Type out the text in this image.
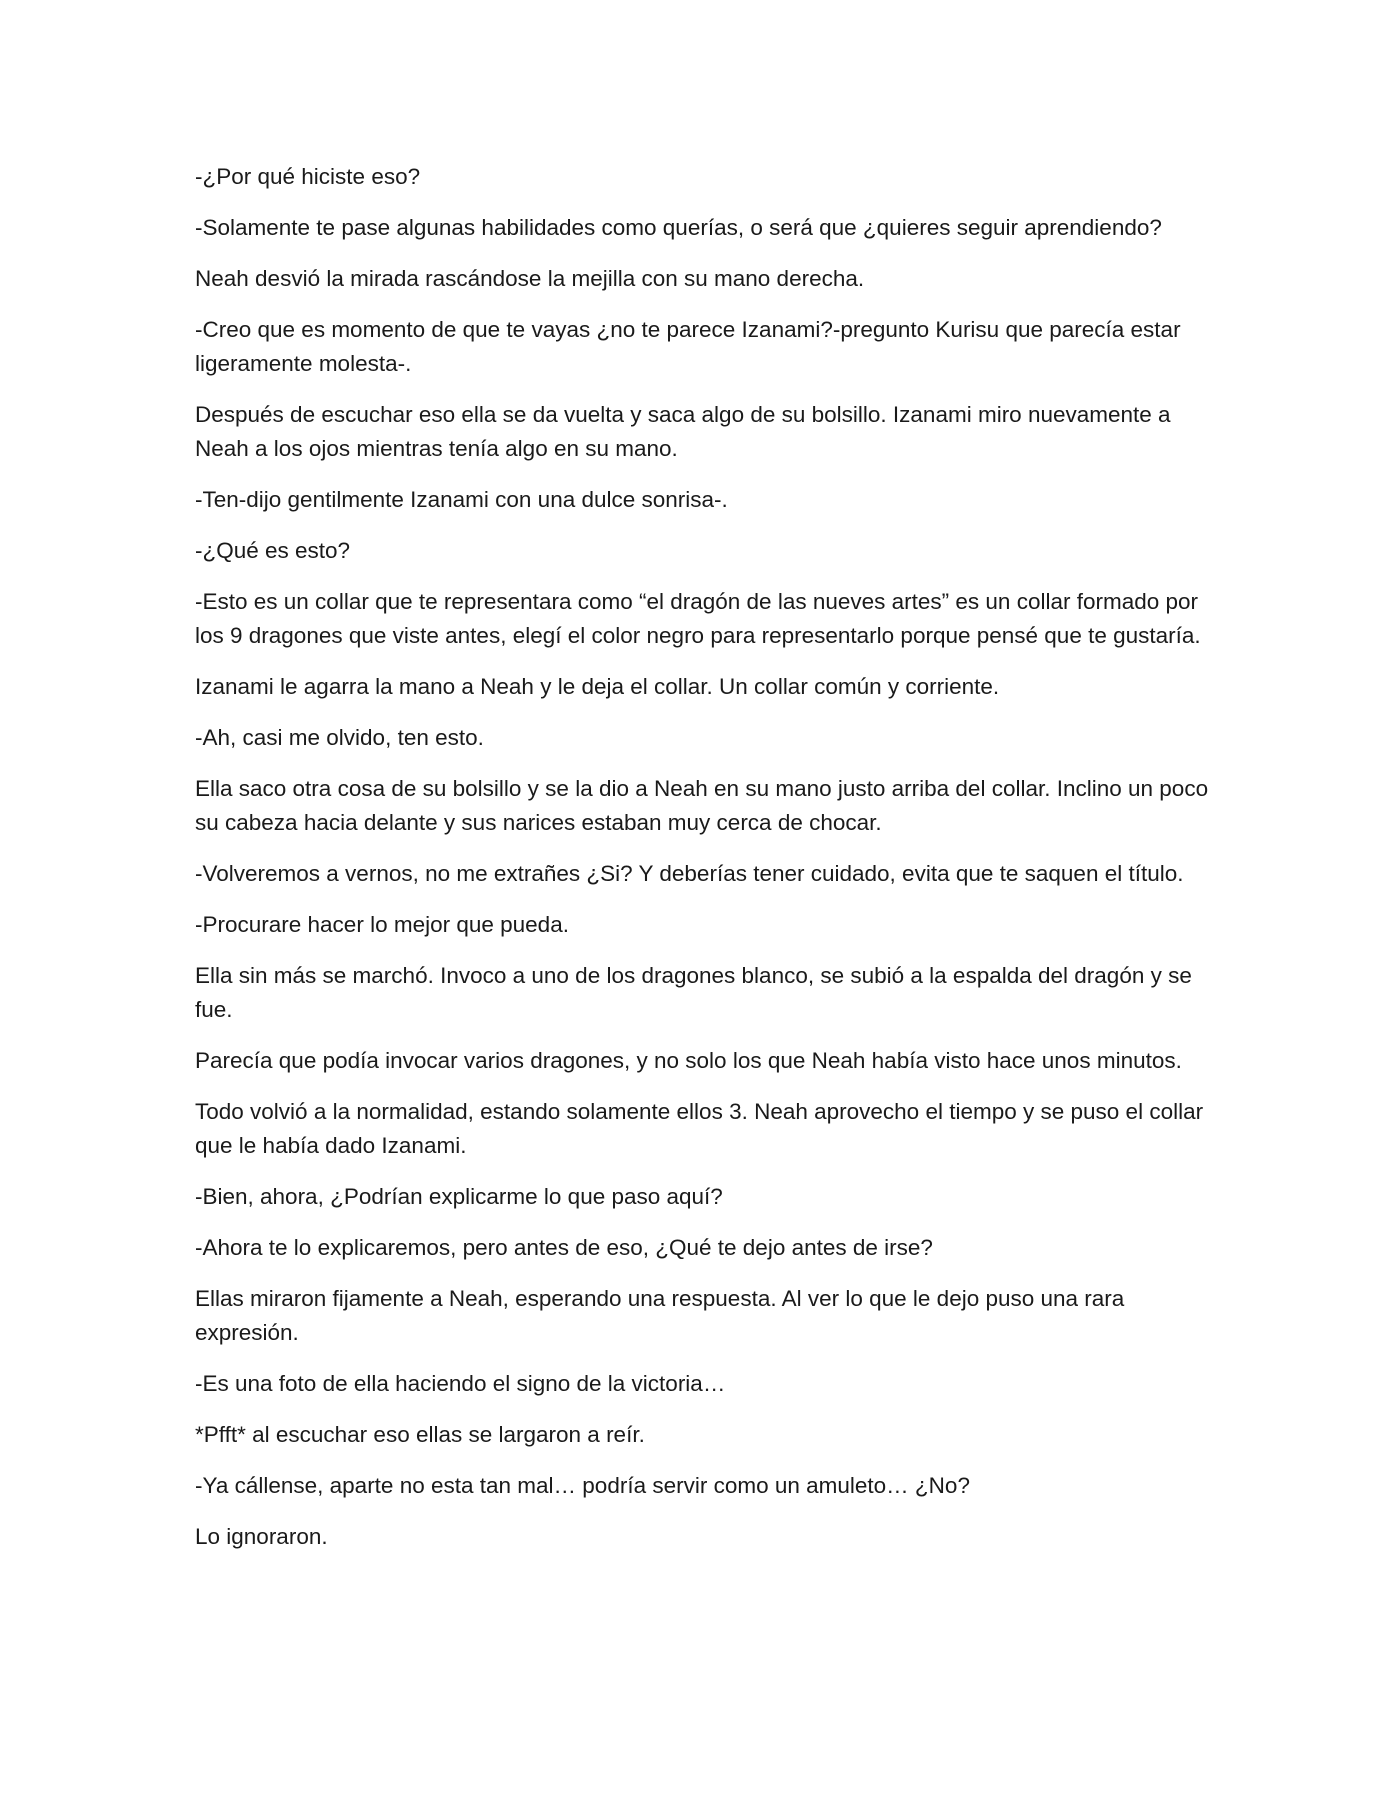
-¿Por qué hiciste eso?

-Solamente te pase algunas habilidades como querías, o será que ¿quieres seguir aprendiendo?

Neah desvió la mirada rascándose la mejilla con su mano derecha.

-Creo que es momento de que te vayas ¿no te parece Izanami?-pregunto Kurisu que parecía estar ligeramente molesta-.

Después de escuchar eso ella se da vuelta y saca algo de su bolsillo. Izanami miro nuevamente a Neah a los ojos mientras tenía algo en su mano.

-Ten-dijo gentilmente Izanami con una dulce sonrisa-.

-¿Qué es esto?

-Esto es un collar que te representara como “el dragón de las nueves artes” es un collar formado por los 9 dragones que viste antes, elegí el color negro para representarlo porque pensé que te gustaría.

Izanami le agarra la mano a Neah y le deja el collar. Un collar común y corriente.

-Ah, casi me olvido, ten esto.

Ella saco otra cosa de su bolsillo y se la dio a Neah en su mano justo arriba del collar. Inclino un poco su cabeza hacia delante y sus narices estaban muy cerca de chocar.

-Volveremos a vernos, no me extrañes ¿Si? Y deberías tener cuidado, evita que te saquen el título.

-Procurare hacer lo mejor que pueda.

Ella sin más se marchó. Invoco a uno de los dragones blanco, se subió a la espalda del dragón y se fue.

Parecía que podía invocar varios dragones, y no solo los que Neah había visto hace unos minutos.

Todo volvió a la normalidad, estando solamente ellos 3. Neah aprovecho el tiempo y se puso el collar que le había dado Izanami.

-Bien, ahora, ¿Podrían explicarme lo que paso aquí?

-Ahora te lo explicaremos, pero antes de eso, ¿Qué te dejo antes de irse?

Ellas miraron fijamente a Neah, esperando una respuesta. Al ver lo que le dejo puso una rara expresión.

-Es una foto de ella haciendo el signo de la victoria…

*Pfft* al escuchar eso ellas se largaron a reír.

-Ya cállense, aparte no esta tan mal… podría servir como un amuleto… ¿No?

Lo ignoraron.
